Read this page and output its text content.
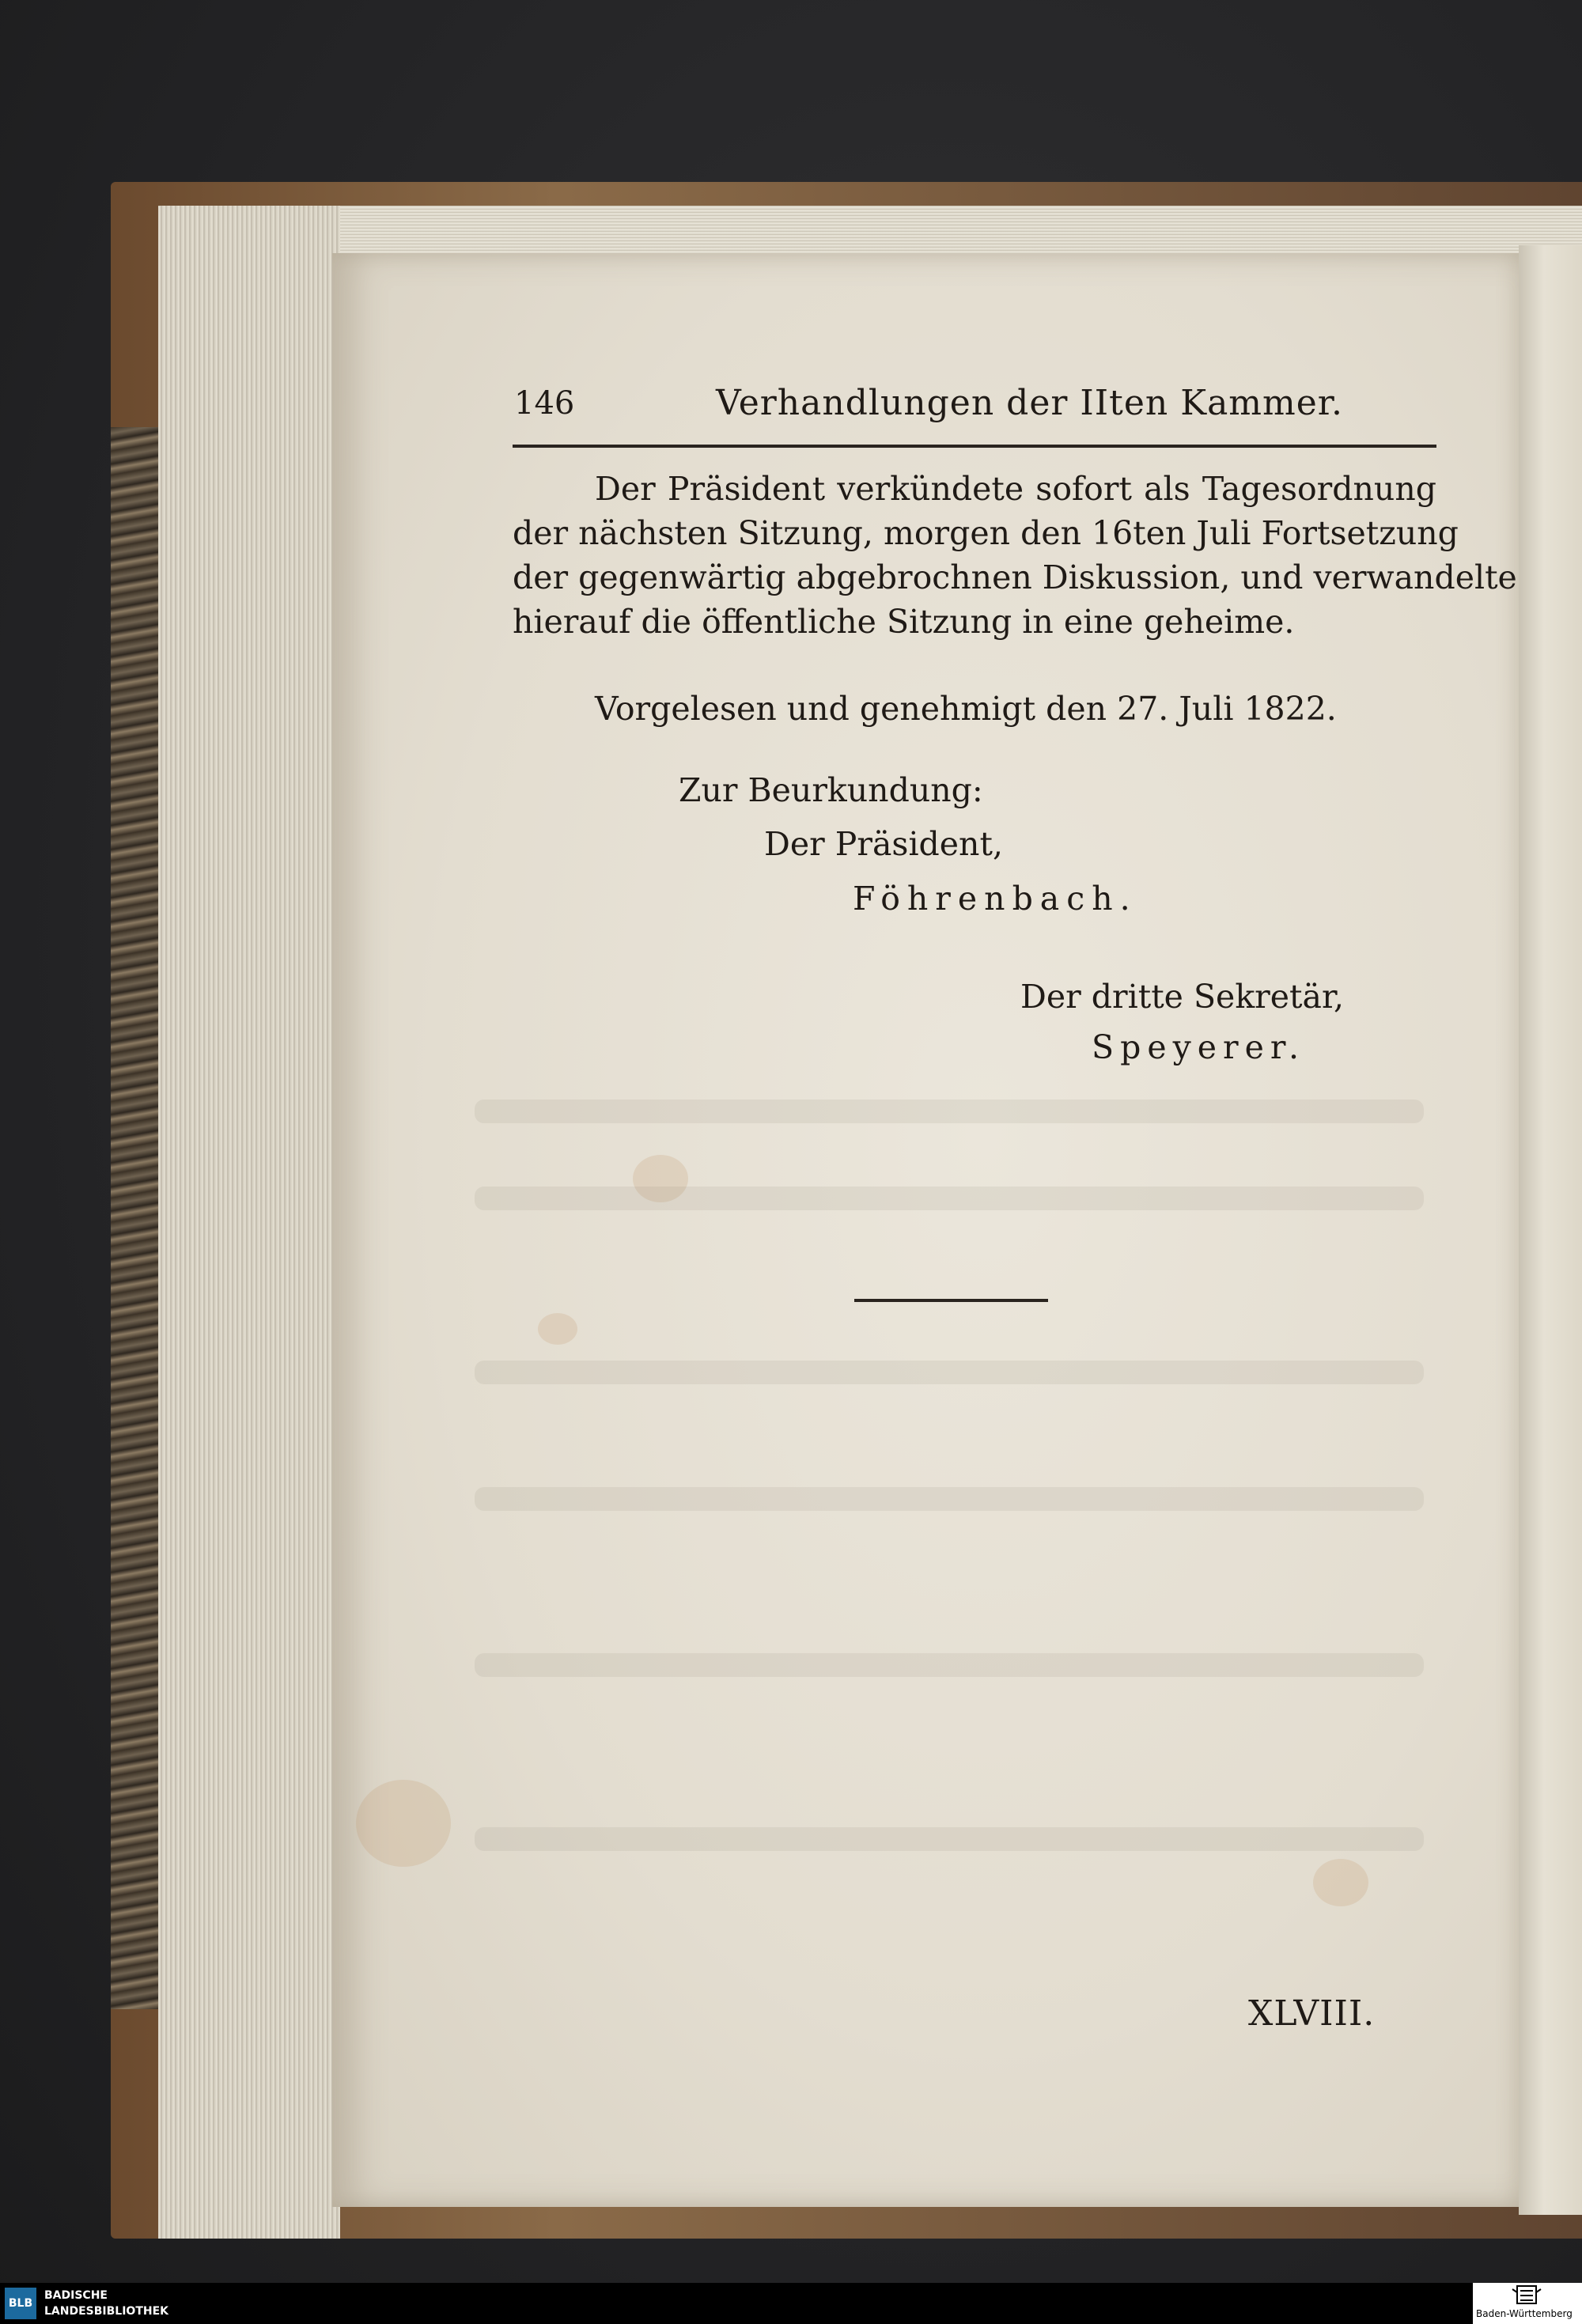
146	Verhandlungen der IIten Kammer.
Der Präsident verkündete sofort als Tagesordnung
der nächsten Sitzung, morgen den 16ten Juli Fortsetzung
der gegenwärtig abgebrochnen Diskussion, und verwandelte
hierauf die öffentliche Sitzung in eine geheime.
Vorgelesen und genehmigt den 27. Juli 1822.
Zur Beurkundung:
Der Präsident,
Föhrenbach.
Der dritte Sekretär,
Speyerer.
XLVIII.
BLB
BADISCHE
LANDESBIBLIOTHEK	Baden-Württemberg
